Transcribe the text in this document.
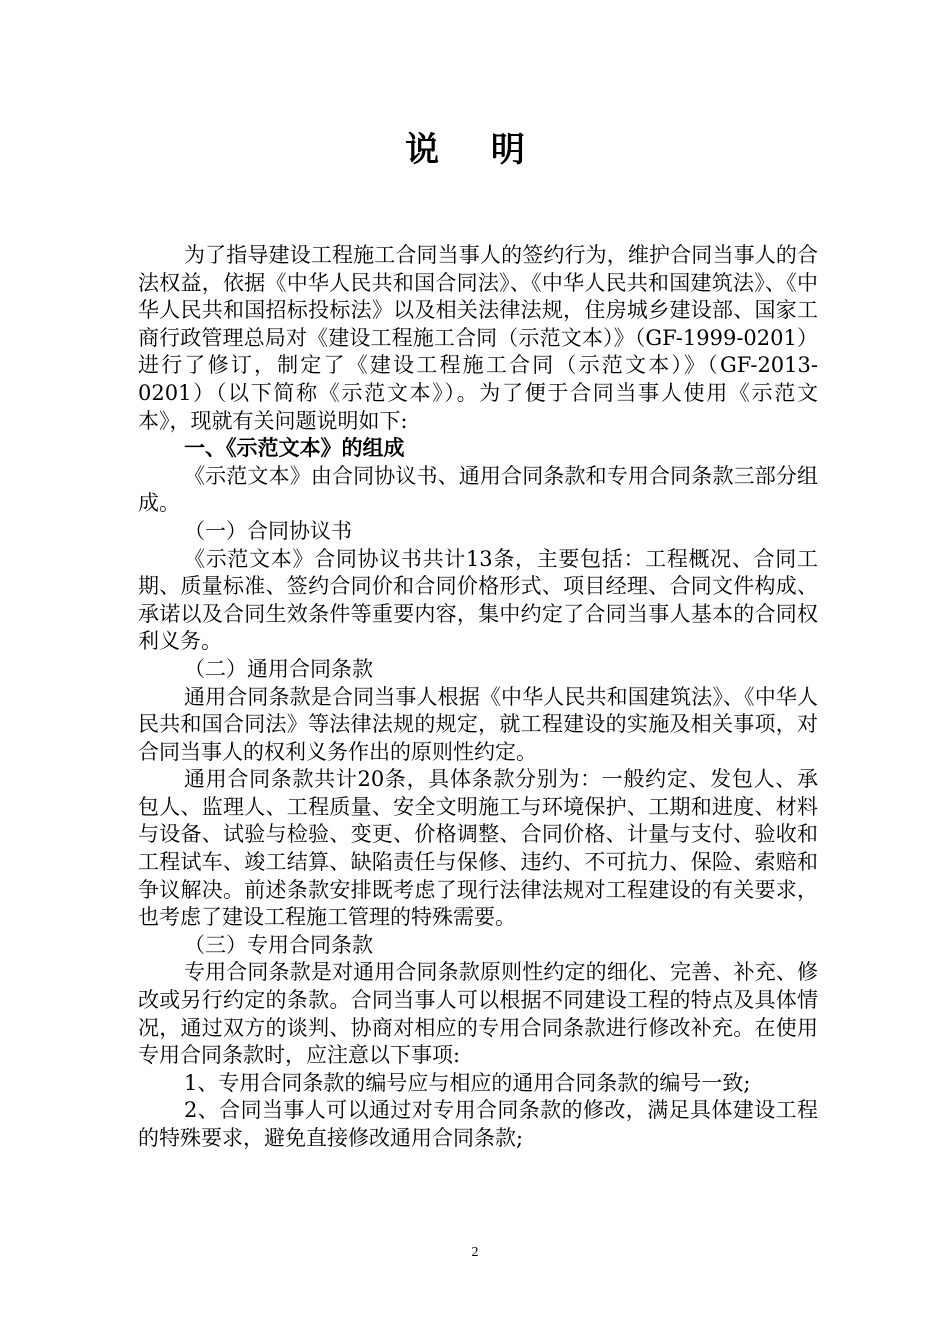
说 明

为了指导建设工程施工合同当事人的签约行为，维护合同当事人的合法权益，依据《中华人民共和国合同法》、《中华人民共和国建筑法》、《中华人民共和国招标投标法》以及相关法律法规，住房城乡建设部、国家工商行政管理总局对《建设工程施工合同（示范文本）》（GF-1999-0201）进行了修订，制定了《建设工程施工合同（示范文本）》（GF-2013-0201）（以下简称《示范文本》）。为了便于合同当事人使用《示范文本》，现就有关问题说明如下:

一、《示范文本》的组成

《示范文本》由合同协议书、通用合同条款和专用合同条款三部分组成。

（一）合同协议书

《示范文本》合同协议书共计13条，主要包括：工程概况、合同工期、质量标准、签约合同价和合同价格形式、项目经理、合同文件构成、承诺以及合同生效条件等重要内容，集中约定了合同当事人基本的合同权利义务。

（二）通用合同条款

通用合同条款是合同当事人根据《中华人民共和国建筑法》、《中华人民共和国合同法》等法律法规的规定，就工程建设的实施及相关事项，对合同当事人的权利义务作出的原则性约定。

通用合同条款共计20条，具体条款分别为：一般约定、发包人、承包人、监理人、工程质量、安全文明施工与环境保护、工期和进度、材料与设备、试验与检验、变更、价格调整、合同价格、计量与支付、验收和工程试车、竣工结算、缺陷责任与保修、违约、不可抗力、保险、索赔和争议解决。前述条款安排既考虑了现行法律法规对工程建设的有关要求，也考虑了建设工程施工管理的特殊需要。

（三）专用合同条款

专用合同条款是对通用合同条款原则性约定的细化、完善、补充、修改或另行约定的条款。合同当事人可以根据不同建设工程的特点及具体情况，通过双方的谈判、协商对相应的专用合同条款进行修改补充。在使用专用合同条款时，应注意以下事项:

1、专用合同条款的编号应与相应的通用合同条款的编号一致;

2、合同当事人可以通过对专用合同条款的修改，满足具体建设工程的特殊要求，避免直接修改通用合同条款;

2
